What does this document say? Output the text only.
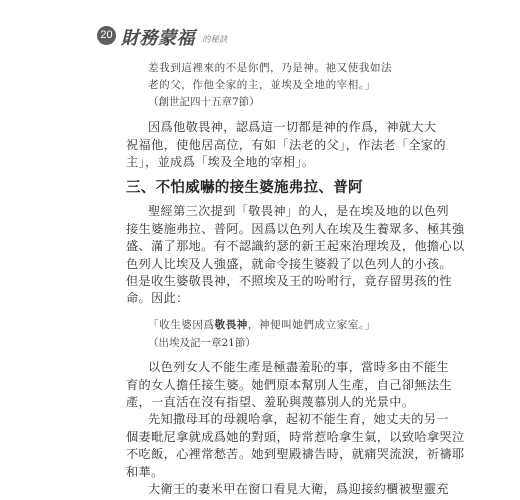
20 財務蒙福 的秘訣
差我到這裡來的不是你們，乃是神。祂又使我如法
老的父，作他全家的主，並埃及全地的宰相。」
（創世記四十五章7節）
因爲他敬畏神，認爲這一切都是神的作爲，神就大大
祝福他，使他居高位，有如「法老的父」，作法老「全家的
主」，並成爲「埃及全地的宰相」。
三、不怕威嚇的接生婆施弗拉、普阿
聖經第三次提到「敬畏神」的人，是在埃及地的以色列
接生婆施弗拉、普阿。因爲以色列人在埃及生養眾多、極其強
盛、滿了那地。有不認識約瑟的新王起來治理埃及，他擔心以
色列人比埃及人強盛，就命令接生婆殺了以色列人的小孩。
但是收生婆敬畏神，不照埃及王的吩咐行，竟存留男孩的性
命。因此：
「收生婆因爲敬畏神，神便叫她們成立家室。」
（出埃及記一章21節）
以色列女人不能生產是極盡羞恥的事，當時多由不能生
育的女人擔任接生婆。她們原本幫別人生產，自己卻無法生
產，一直活在沒有指望、羞恥與蔑慕別人的光景中。
先知撒母耳的母親哈拿，起初不能生育，她丈夫的另一
個妻毗尼拿就成爲她的對頭，時常惹哈拿生氣，以致哈拿哭泣
不吃飯，心裡常愁苦。她到聖殿禱告時，就痛哭流淚，祈禱耶
和華。
大衛王的妻米甲在窗口看見大衛，爲迎接約櫃被聖靈充
